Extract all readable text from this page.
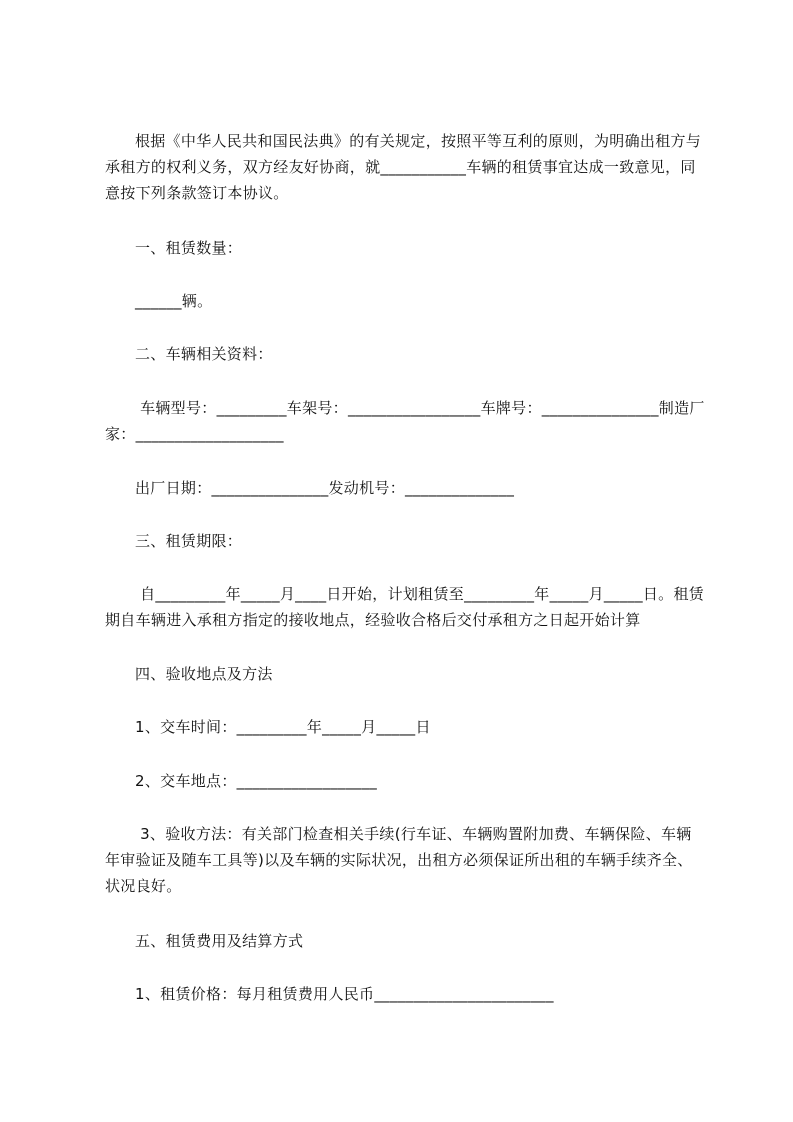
根据《中华人民共和国民法典》的有关规定，按照平等互利的原则，为明确出租方与承租方的权利义务，双方经友好协商，就___________车辆的租赁事宜达成一致意见，同意按下列条款签订本协议。

一、租赁数量：

______辆。

二、车辆相关资料：

车辆型号：_________车架号：_________________车牌号：_______________制造厂家：___________________

出厂日期：_______________发动机号：______________

三、租赁期限：

自_________年_____月____日开始，计划租赁至_________年_____月_____日。租赁期自车辆进入承租方指定的接收地点，经验收合格后交付承租方之日起开始计算

四、验收地点及方法

1、交车时间：_________年_____月_____日

2、交车地点：__________________

3、验收方法：有关部门检查相关手续(行车证、车辆购置附加费、车辆保险、车辆年审验证及随车工具等)以及车辆的实际状况，出租方必须保证所出租的车辆手续齐全、状况良好。

五、租赁费用及结算方式

1、租赁价格：每月租赁费用人民币_______________________
